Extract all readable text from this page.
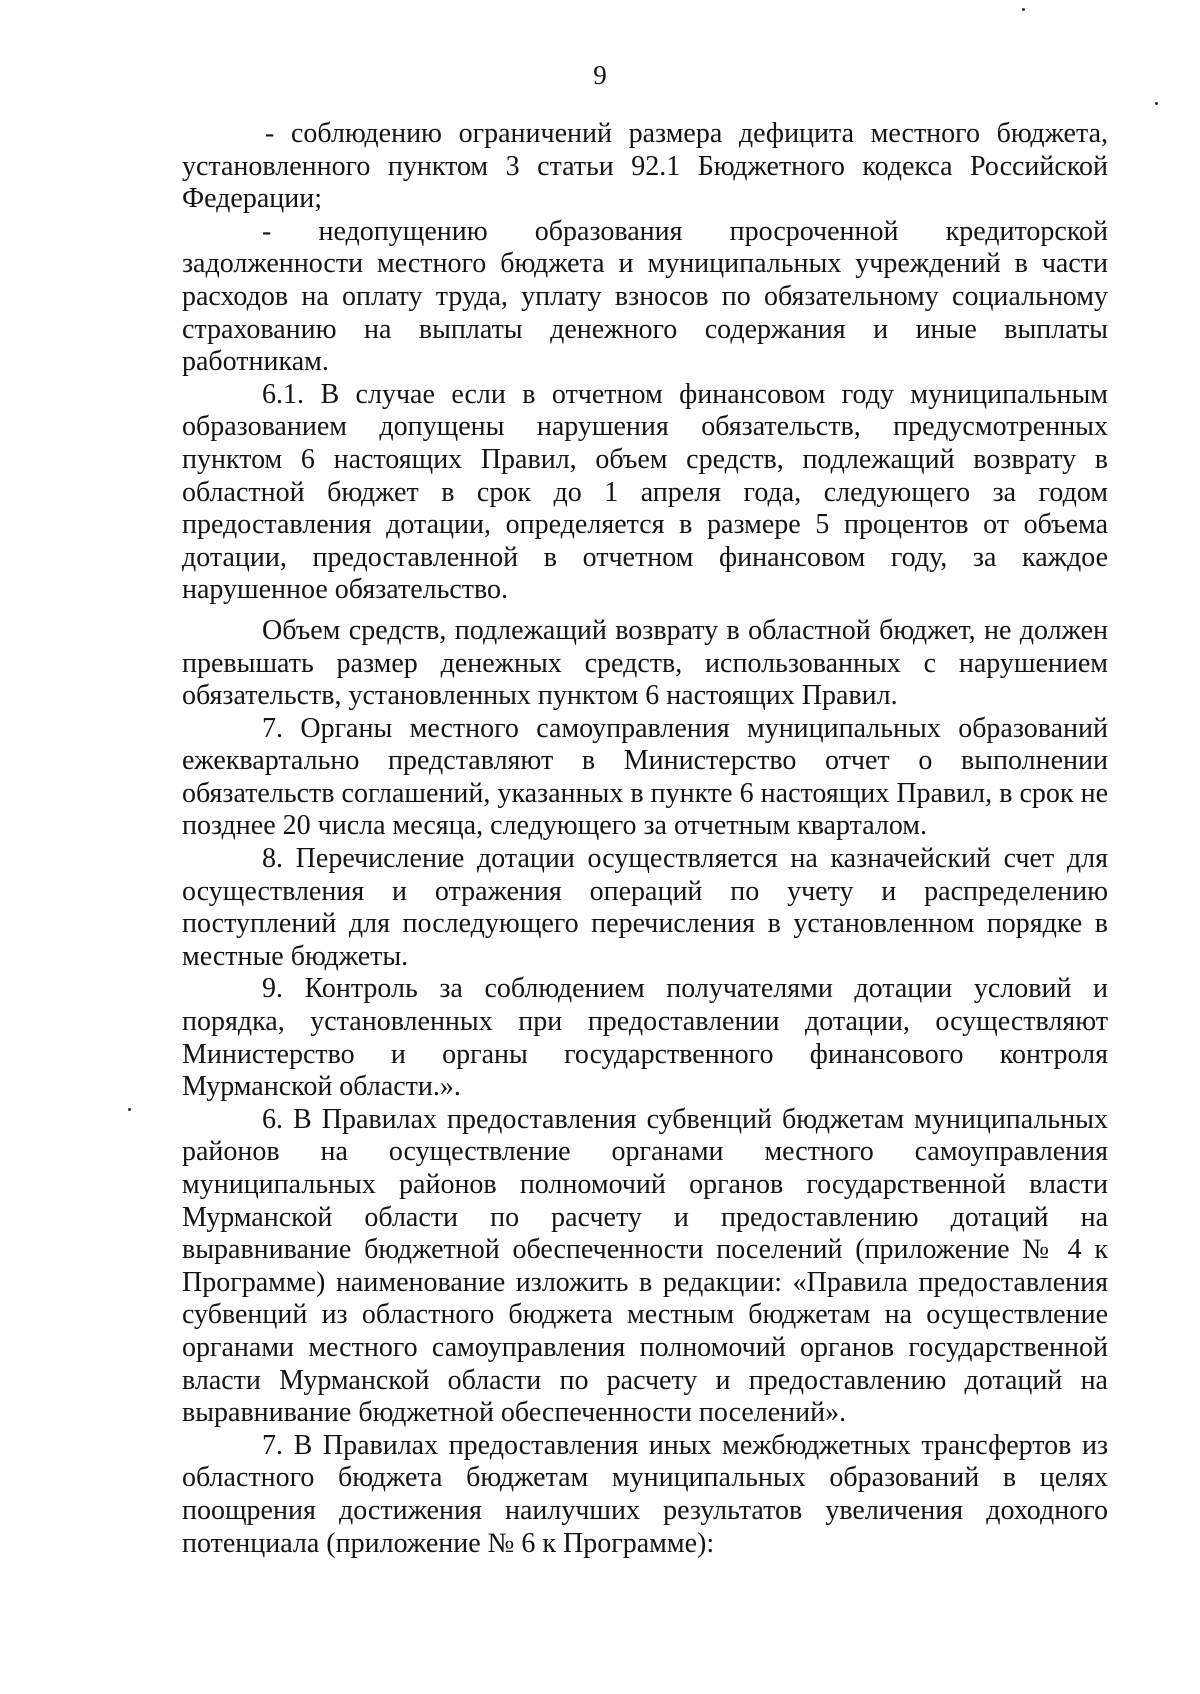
9

- соблюдению ограничений размера дефицита местного бюджета, установленного пунктом 3 статьи 92.1 Бюджетного кодекса Российской Федерации;

- недопущению образования просроченной кредиторской задолженности местного бюджета и муниципальных учреждений в части расходов на оплату труда, уплату взносов по обязательному социальному страхованию на выплаты денежного содержания и иные выплаты работникам.

6.1. В случае если в отчетном финансовом году муниципальным образованием допущены нарушения обязательств, предусмотренных пунктом 6 настоящих Правил, объем средств, подлежащий возврату в областной бюджет в срок до 1 апреля года, следующего за годом предоставления дотации, определяется в размере 5 процентов от объема дотации, предоставленной в отчетном финансовом году, за каждое нарушенное обязательство.

Объем средств, подлежащий возврату в областной бюджет, не должен превышать размер денежных средств, использованных с нарушением обязательств, установленных пунктом 6 настоящих Правил.

7. Органы местного самоуправления муниципальных образований ежеквартально представляют в Министерство отчет о выполнении обязательств соглашений, указанных в пункте 6 настоящих Правил, в срок не позднее 20 числа месяца, следующего за отчетным кварталом.

8. Перечисление дотации осуществляется на казначейский счет для осуществления и отражения операций по учету и распределению поступлений для последующего перечисления в установленном порядке в местные бюджеты.

9. Контроль за соблюдением получателями дотации условий и порядка, установленных при предоставлении дотации, осуществляют Министерство и органы государственного финансового контроля Мурманской области.».

6. В Правилах предоставления субвенций бюджетам муниципальных районов на осуществление органами местного самоуправления муниципальных районов полномочий органов государственной власти Мурманской области по расчету и предоставлению дотаций на выравнивание бюджетной обеспеченности поселений (приложение № 4 к Программе) наименование изложить в редакции: «Правила предоставления субвенций из областного бюджета местным бюджетам на осуществление органами местного самоуправления полномочий органов государственной власти Мурманской области по расчету и предоставлению дотаций на выравнивание бюджетной обеспеченности поселений».

7. В Правилах предоставления иных межбюджетных трансфертов из областного бюджета бюджетам муниципальных образований в целях поощрения достижения наилучших результатов увеличения доходного потенциала (приложение № 6 к Программе):
